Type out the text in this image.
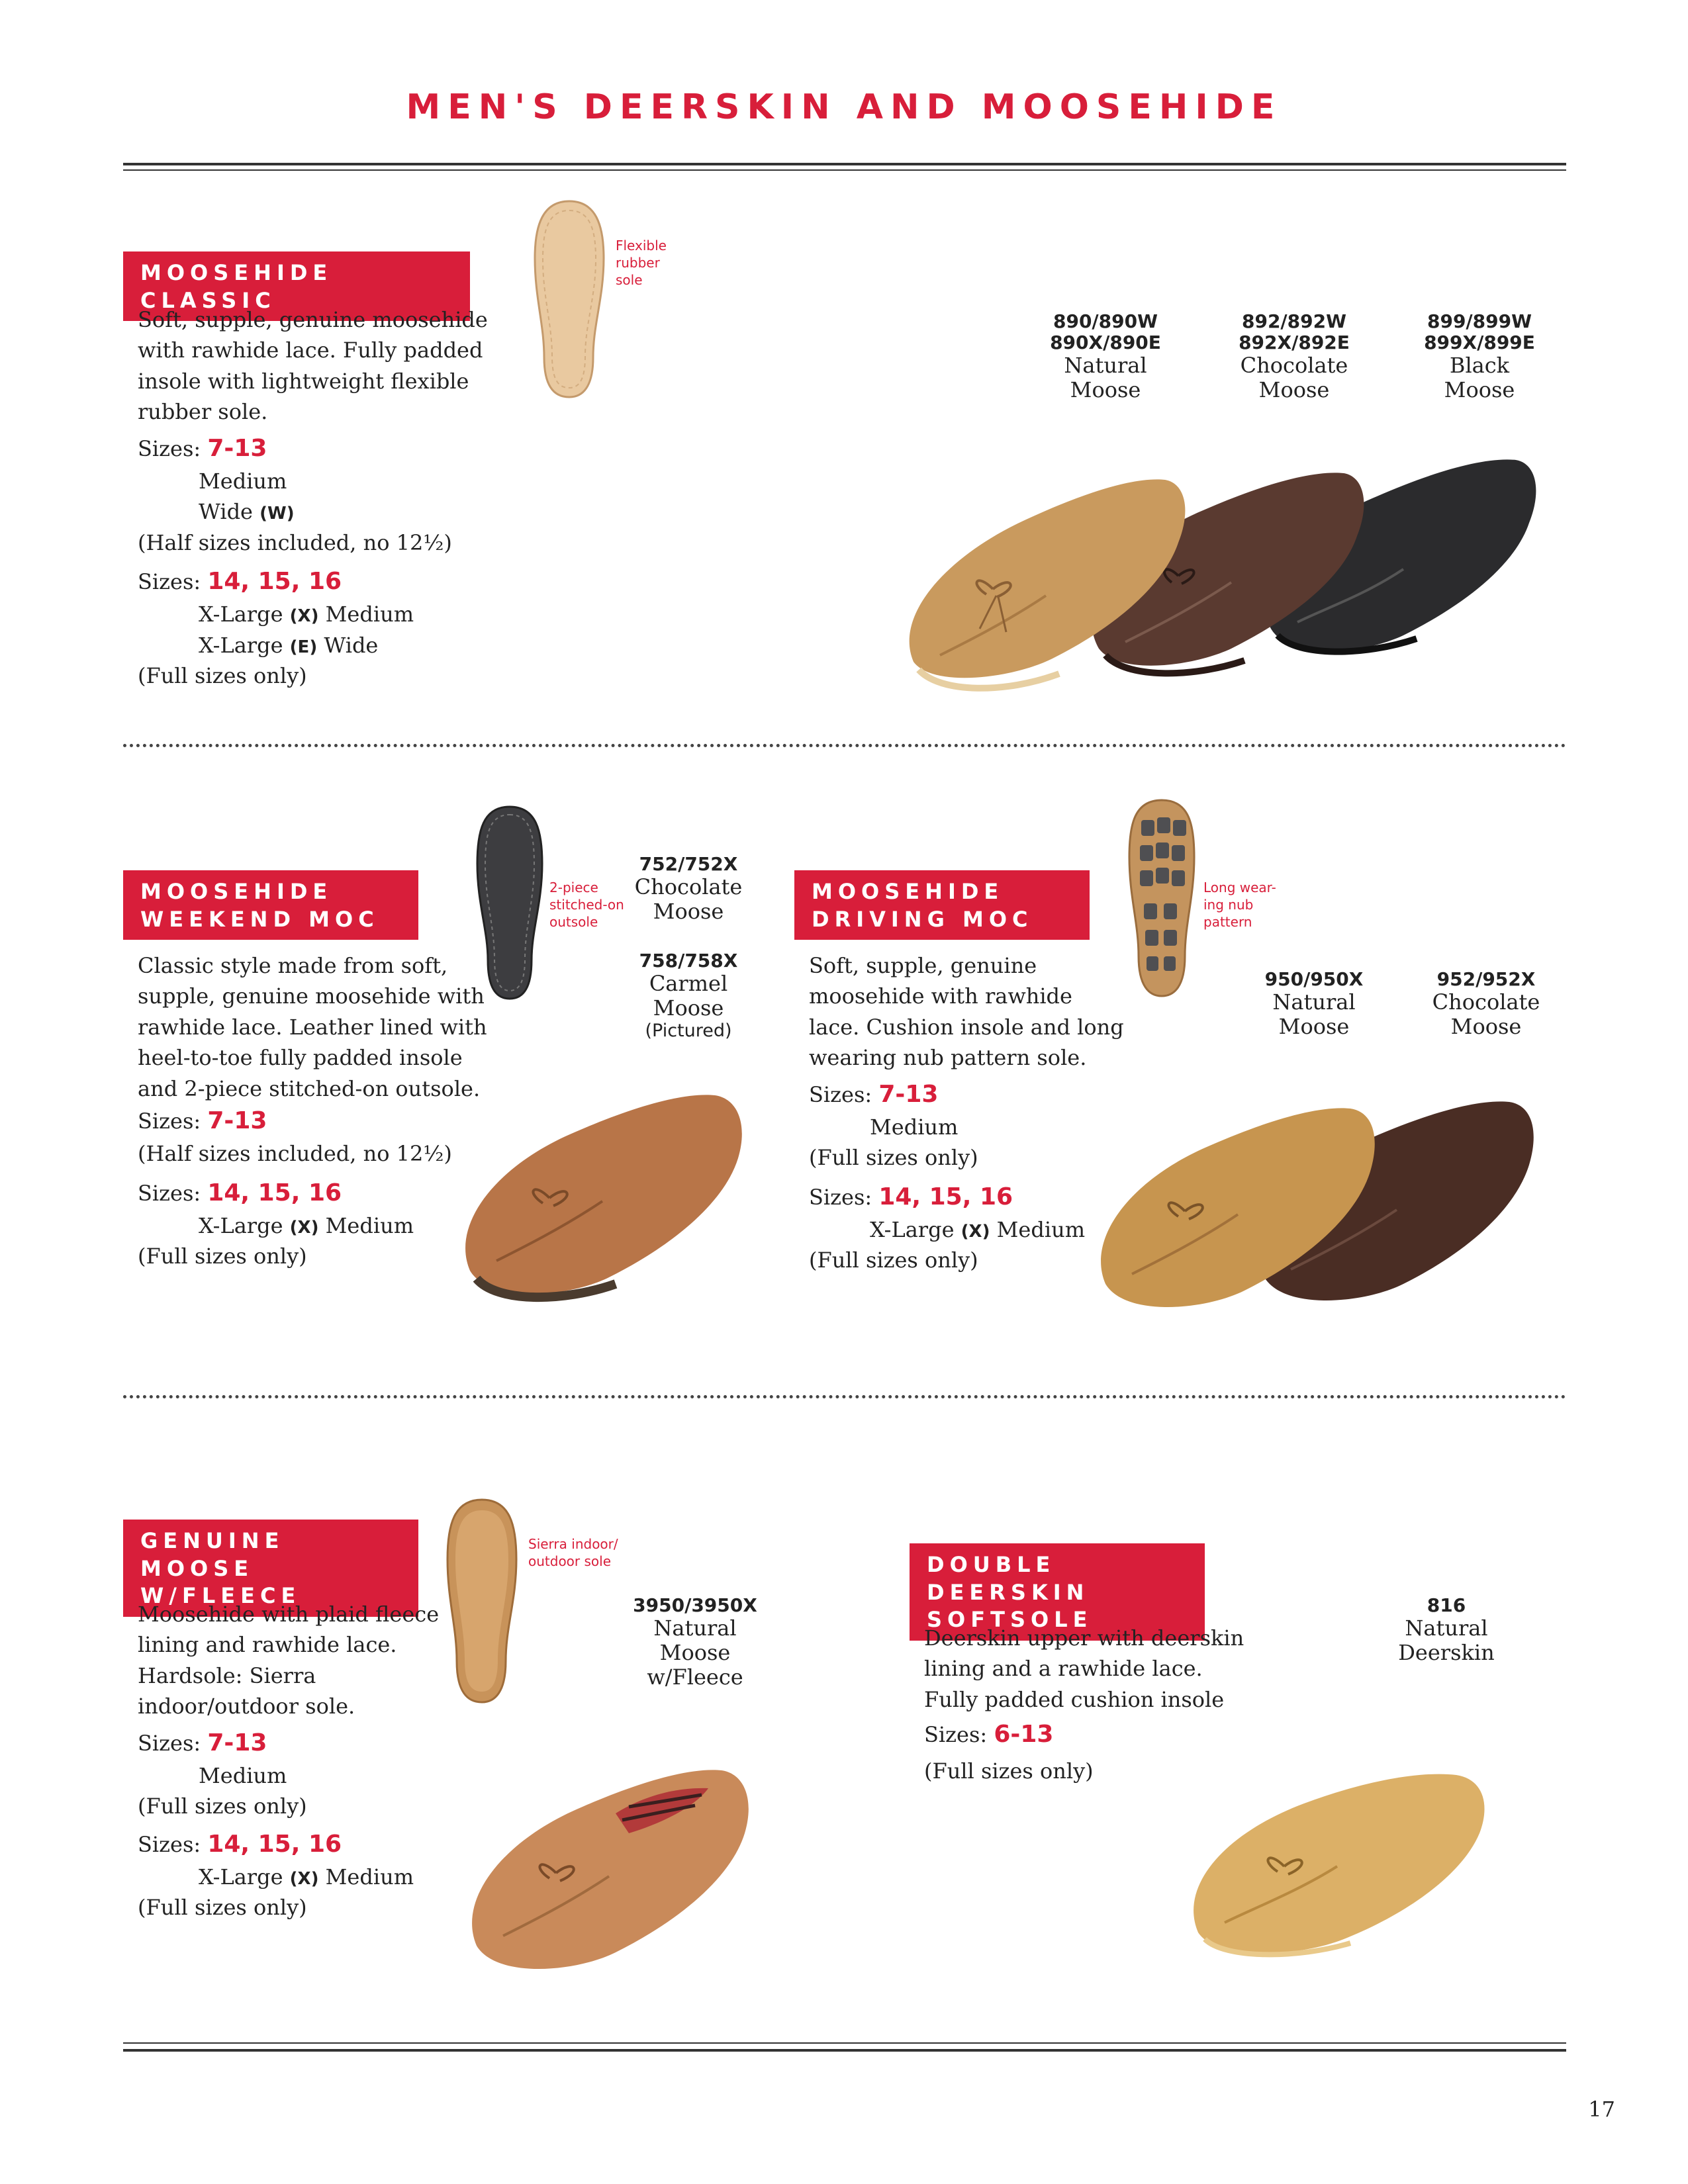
MEN'S DEERSKIN AND MOOSEHIDE
MOOSEHIDE CLASSIC

Soft, supple, genuine moosehide

with rawhide lace. Fully padded

insole with lightweight flexible

rubber sole.

Sizes: 7-13

Medium

Wide (W)

(Half sizes included, no 12½)

Sizes: 14, 15, 16

X-Large (X) Medium

X-Large (E) Wide

(Full sizes only)

Flexible
rubber
sole
890/890W
890X/890E
Natural
Moose
892/892W
892X/892E
Chocolate
Moose
899/899W
899X/899E
Black
Moose
MOOSEHIDE
WEEKEND MOC

Classic style made from soft,

supple, genuine moosehide with

rawhide lace. Leather lined with

heel-to-toe fully padded insole

and 2-piece stitched-on outsole.

Sizes: 7-13

(Half sizes included, no 12½)

Sizes: 14, 15, 16

X-Large (X) Medium

(Full sizes only)

2-piece
stitched-on
outsole
752/752X
Chocolate
Moose
758/758X
Carmel
Moose
(Pictured)
MOOSEHIDE
DRIVING MOC

Soft, supple, genuine

moosehide with rawhide

lace. Cushion insole and long

wearing nub pattern sole.

Sizes: 7-13

Medium

(Full sizes only)

Sizes: 14, 15, 16

X-Large (X) Medium

(Full sizes only)

Long wear-
ing nub
pattern
950/950X
Natural
Moose
952/952X
Chocolate
Moose
GENUINE MOOSE
W/FLEECE

Moosehide with plaid fleece

lining and rawhide lace.

Hardsole: Sierra

indoor/outdoor sole.

Sizes: 7-13

Medium

(Full sizes only)

Sizes: 14, 15, 16

X-Large (X) Medium

(Full sizes only)

Sierra indoor/
outdoor sole
3950/3950X
Natural
Moose
w/Fleece
DOUBLE DEERSKIN
SOFTSOLE

Deerskin upper with deerskin

lining and a rawhide lace.

Fully padded cushion insole

Sizes: 6-13

(Full sizes only)

816
Natural
Deerskin
17
